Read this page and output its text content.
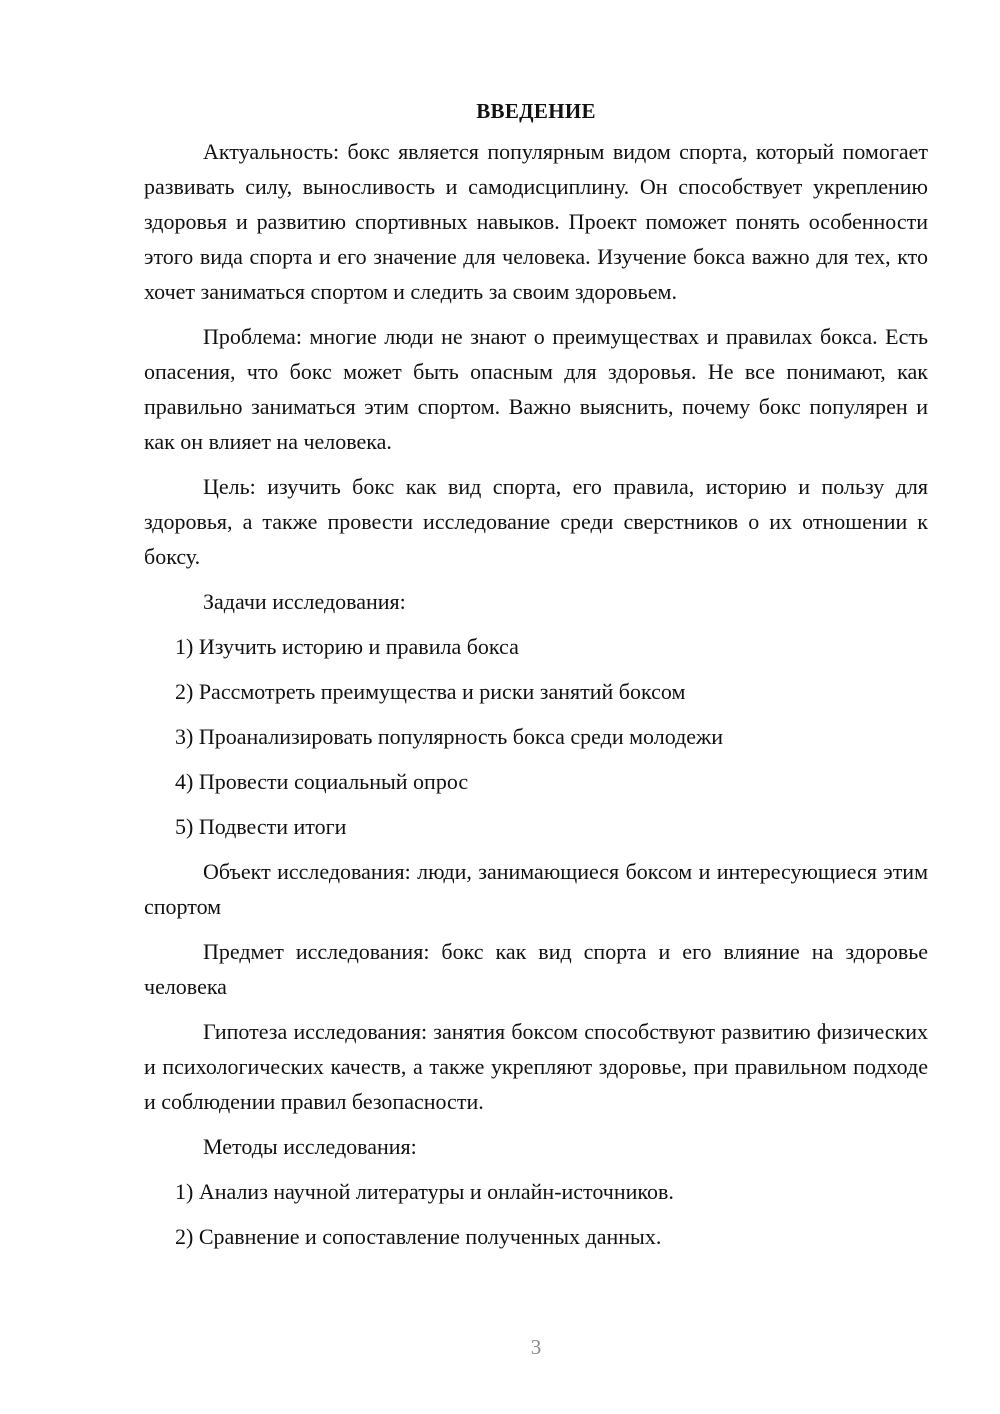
ВВЕДЕНИЕ

Актуальность: бокс является популярным видом спорта, который помогает развивать силу, выносливость и самодисциплину. Он способствует укреплению здоровья и развитию спортивных навыков. Проект поможет понять особенности этого вида спорта и его значение для человека. Изучение бокса важно для тех, кто хочет заниматься спортом и следить за своим здоровьем.

Проблема: многие люди не знают о преимуществах и правилах бокса. Есть опасения, что бокс может быть опасным для здоровья. Не все понимают, как правильно заниматься этим спортом. Важно выяснить, почему бокс популярен и как он влияет на человека.

Цель: изучить бокс как вид спорта, его правила, историю и пользу для здоровья, а также провести исследование среди сверстников о их отношении к боксу.

Задачи исследования:

1) Изучить историю и правила бокса
2) Рассмотреть преимущества и риски занятий боксом
3) Проанализировать популярность бокса среди молодежи
4) Провести социальный опрос
5) Подвести итоги

Объект исследования: люди, занимающиеся боксом и интересующиеся этим спортом

Предмет исследования: бокс как вид спорта и его влияние на здоровье человека

Гипотеза исследования: занятия боксом способствуют развитию физических и психологических качеств, а также укрепляют здоровье, при правильном подходе и соблюдении правил безопасности.

Методы исследования:

1) Анализ научной литературы и онлайн-источников.
2) Сравнение и сопоставление полученных данных.
3
